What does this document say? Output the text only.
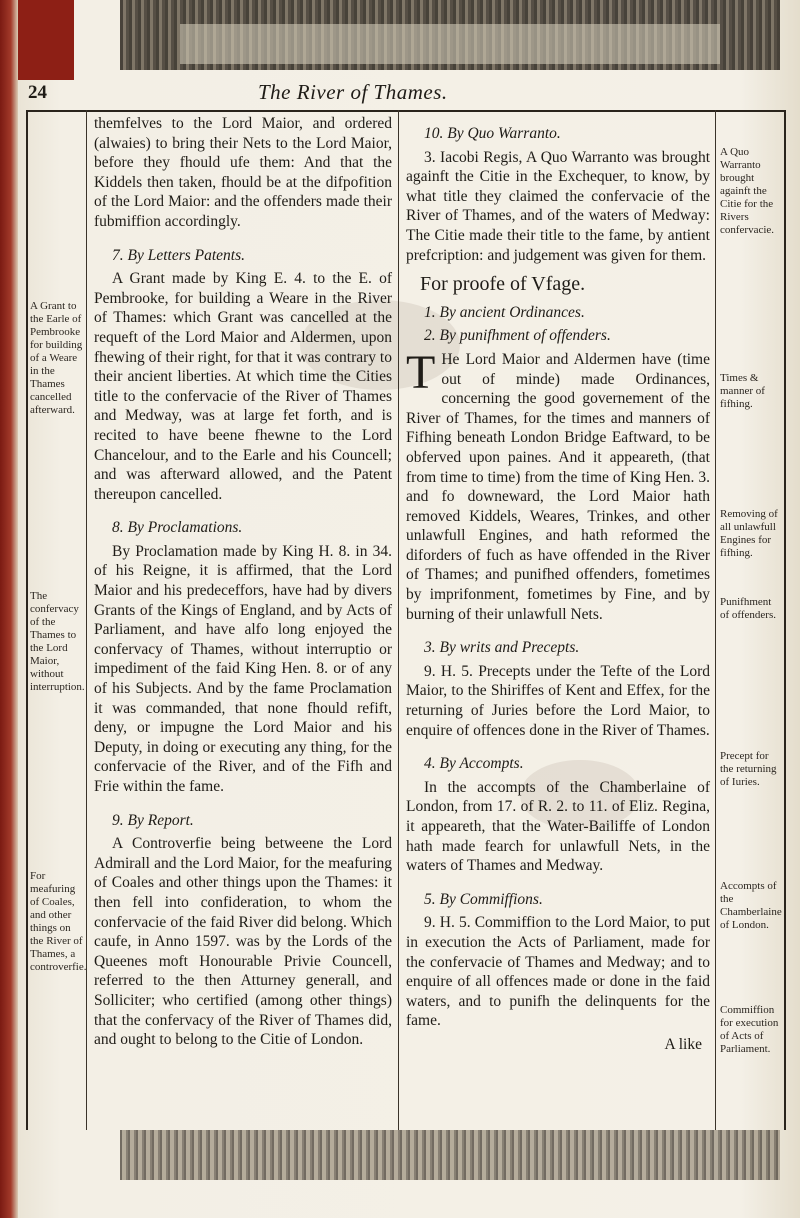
24	The River of Thames.
A Grant to the Earle of Pembrooke for building of a Weare in the Thames cancelled afterward.
The confervacy of the Thames to the Lord Maior, without interruption.
For meafuring of Coales, and other things on the River of Thames, a controverfie.
A Quo Warranto brought againft the Citie for the Rivers confervacie.
Times & manner of fifhing.
Removing of all unlawfull Engines for fifhing.
Punifhment of offenders.
Precept for the returning of Iuries.
Accompts of the Chamberlaine of London.
Commiffion for execution of Acts of Parliament.

themfelves to the Lord Maior, and ordered (alwaies) to bring their Nets to the Lord Maior, before they fhould ufe them: And that the Kiddels then taken, fhould be at the difpofition of the Lord Maior: and the offenders made their fubmiffion accordingly.

7. By Letters Patents.

A Grant made by King E. 4. to the E. of Pembrooke, for building a Weare in the River of Thames: which Grant was cancelled at the requeft of the Lord Maior and Aldermen, upon fhewing of their right, for that it was contrary to their ancient liberties. At which time the Cities title to the confervacie of the River of Thames and Medway, was at large fet forth, and is recited to have beene fhewne to the Lord Chancelour, and to the Earle and his Councell; and was afterward allowed, and the Patent thereupon cancelled.

8. By Proclamations.

By Proclamation made by King H. 8. in 34. of his Reigne, it is affirmed, that the Lord Maior and his predeceffors, have had by divers Grants of the Kings of England, and by Acts of Parliament, and have alfo long enjoyed the confervacy of Thames, without interruptio or impediment of the faid King Hen. 8. or of any of his Subjects. And by the fame Proclamation it was commanded, that none fhould refift, deny, or impugne the Lord Maior and his Deputy, in doing or executing any thing, for the confervacie of the River, and of the Fifh and Frie within the fame.

9. By Report.

A Controverfie being betweene the Lord Admirall and the Lord Maior, for the meafuring of Coales and other things upon the Thames: it then fell into confideration, to whom the confervacie of the faid River did belong. Which caufe, in Anno 1597. was by the Lords of the Queenes moft Honourable Privie Councell, referred to the then Atturney generall, and Solliciter; who certified (among other things) that the confervacy of the River of Thames did, and ought to belong to the Citie of London.

10. By Quo Warranto.

3. Iacobi Regis, A Quo Warranto was brought againft the Citie in the Exchequer, to know, by what title they claimed the confervacie of the River of Thames, and of the waters of Medway: The Citie made their title to the fame, by antient prefcription: and judgement was given for them.

For proofe of Vfage.

1. By ancient Ordinances.

2. By punifhment of offenders.

T He Lord Maior and Aldermen have (time out of minde) made Ordinances, concerning the good governement of the River of Thames, for the times and manners of Fifhing beneath London Bridge Eaftward, to be obferved upon paines. And it appeareth, (that from time to time) from the time of King Hen. 3. and fo downeward, the Lord Maior hath removed Kiddels, Weares, Trinkes, and other unlawfull Engines, and hath reformed the diforders of fuch as have offended in the River of Thames; and punifhed offenders, fometimes by imprifonment, fometimes by Fine, and by burning of their unlawfull Nets.

3. By writs and Precepts.

9. H. 5. Precepts under the Tefte of the Lord Maior, to the Shiriffes of Kent and Effex, for the returning of Juries before the Lord Maior, to enquire of offences done in the River of Thames.

4. By Accompts.

In the accompts of the Chamberlaine of London, from 17. of R. 2. to 11. of Eliz. Regina, it appeareth, that the Water-Bailiffe of London hath made fearch for unlawfull Nets, in the waters of Thames and Medway.

5. By Commiffions.

9. H. 5. Commiffion to the Lord Maior, to put in execution the Acts of Parliament, made for the confervacie of Thames and Medway; and to enquire of all offences made or done in the faid waters, and to punifh the delinquents for the fame.

A like
